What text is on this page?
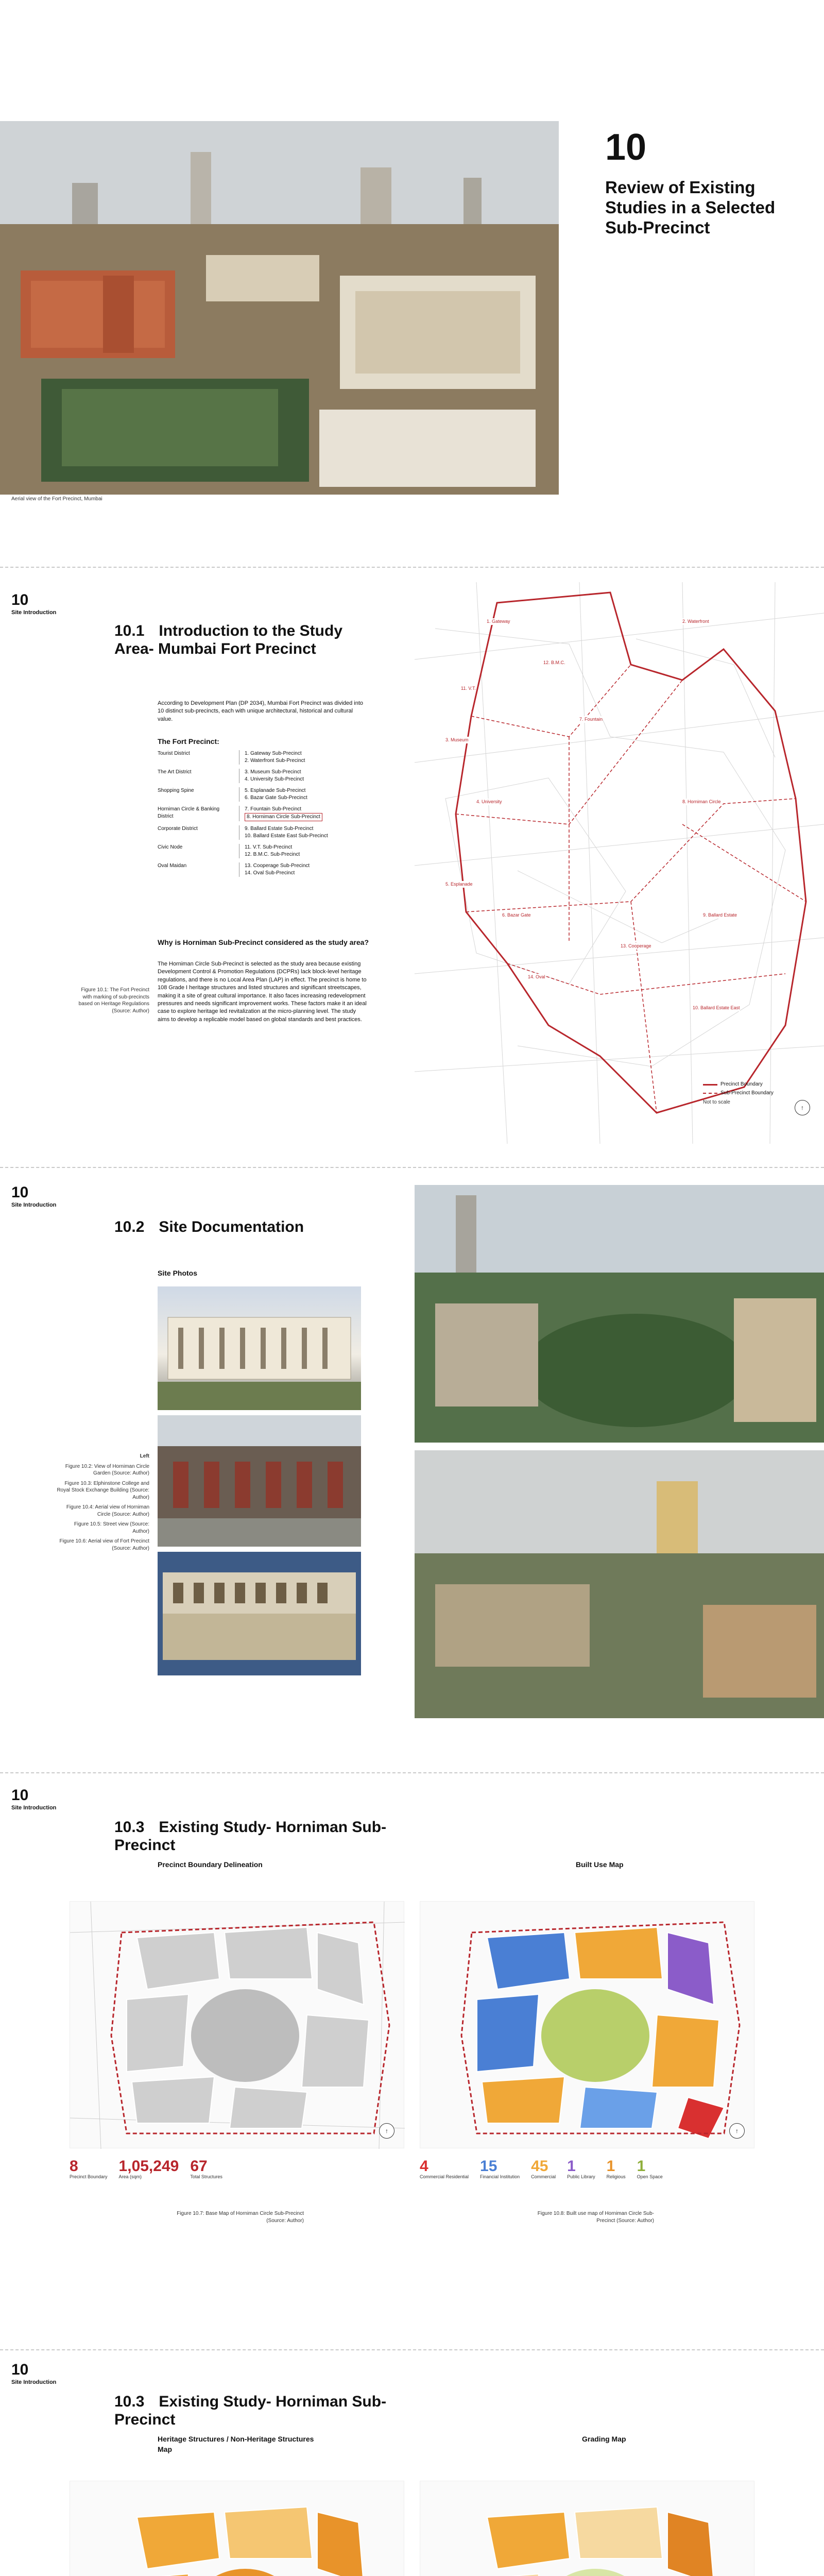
Aerial view of the Fort Precinct, Mumbai
10
Review of Existing Studies in a Selected Sub-Precinct
10
Site Introduction
10.1 Introduction to the Study Area- Mumbai Fort Precinct

According to Development Plan (DP 2034), Mumbai Fort Precinct was divided into 10 distinct sub-precincts, each with unique architectural, historical and cultural value.

The Fort Precinct:
Tourist District	1. Gateway Sub-Precinct
2. Waterfront Sub-Precinct
The Art District	3. Museum Sub-Precinct
4. University Sub-Precinct
Shopping Spine	5. Esplanade Sub-Precinct
6. Bazar Gate Sub-Precinct
Horniman Circle & Banking District
7. Fountain Sub-Precinct
8. Horniman Circle Sub-Precinct
Corporate District	9. Ballard Estate Sub-Precinct
10. Ballard Estate East Sub-Precinct
Civic Node	11. V.T. Sub-Precinct
12. B.M.C. Sub-Precinct
Oval Maidan	13. Cooperage Sub-Precinct
14. Oval Sub-Precinct
Why is Horniman Sub-Precinct considered as the study area?

The Horniman Circle Sub-Precinct is selected as the study area because existing Development Control & Promotion Regulations (DCPRs) lack block-level heritage regulations, and there is no Local Area Plan (LAP) in effect. The precinct is home to 108 Grade I heritage structures and listed structures and significant streetscapes, making it a site of great cultural importance. It also faces increasing redevelopment pressures and needs significant improvement works. These factors make it an ideal case to explore heritage led revitalization at the micro-planning level. The study aims to develop a replicable model based on global standards and best practices.

Figure 10.1: The Fort Precinct with marking of sub-precincts based on Heritage Regulations (Source: Author)
1. Gateway	2. Waterfront
3. Museum
4. University
5. Esplanade
6. Bazar Gate
7. Fountain
8. Horniman Circle
9. Ballard Estate
10. Ballard Estate East
11. V.T.
12. B.M.C.
13. Cooperage
14. Oval
Precinct Boundary
Sub-Precinct Boundary
Not to scale
↑
10
Site Introduction
10.2 Site Documentation
Site Photos
Left
Figure 10.2: View of Horniman Circle Garden (Source: Author)
Figure 10.3: Elphinstone College and Royal Stock Exchange Building (Source: Author)
Figure 10.4: Aerial view of Horniman Circle (Source: Author)
Figure 10.5: Street view (Source: Author)
Figure 10.6: Aerial view of Fort Precinct (Source: Author)
10
Site Introduction
10.3 Existing Study- Horniman Sub-Precinct
Precinct Boundary Delineation	Built Use Map
↑	↑
8
Precinct Boundary
1,05,249
Area (sqm)
67
Total Structures
4
Commercial Residential
15
Financial Institution
45
Commercial
1
Public Library
1
Religious
1
Open Space
Figure 10.7: Base Map of Horniman Circle Sub-Precinct (Source: Author)
Figure 10.8: Built use map of Horniman Circle Sub-Precinct (Source: Author)
10
Site Introduction
10.3 Existing Study- Horniman Sub-Precinct
Heritage Structures / Non-Heritage Structures Map
Grading Map
